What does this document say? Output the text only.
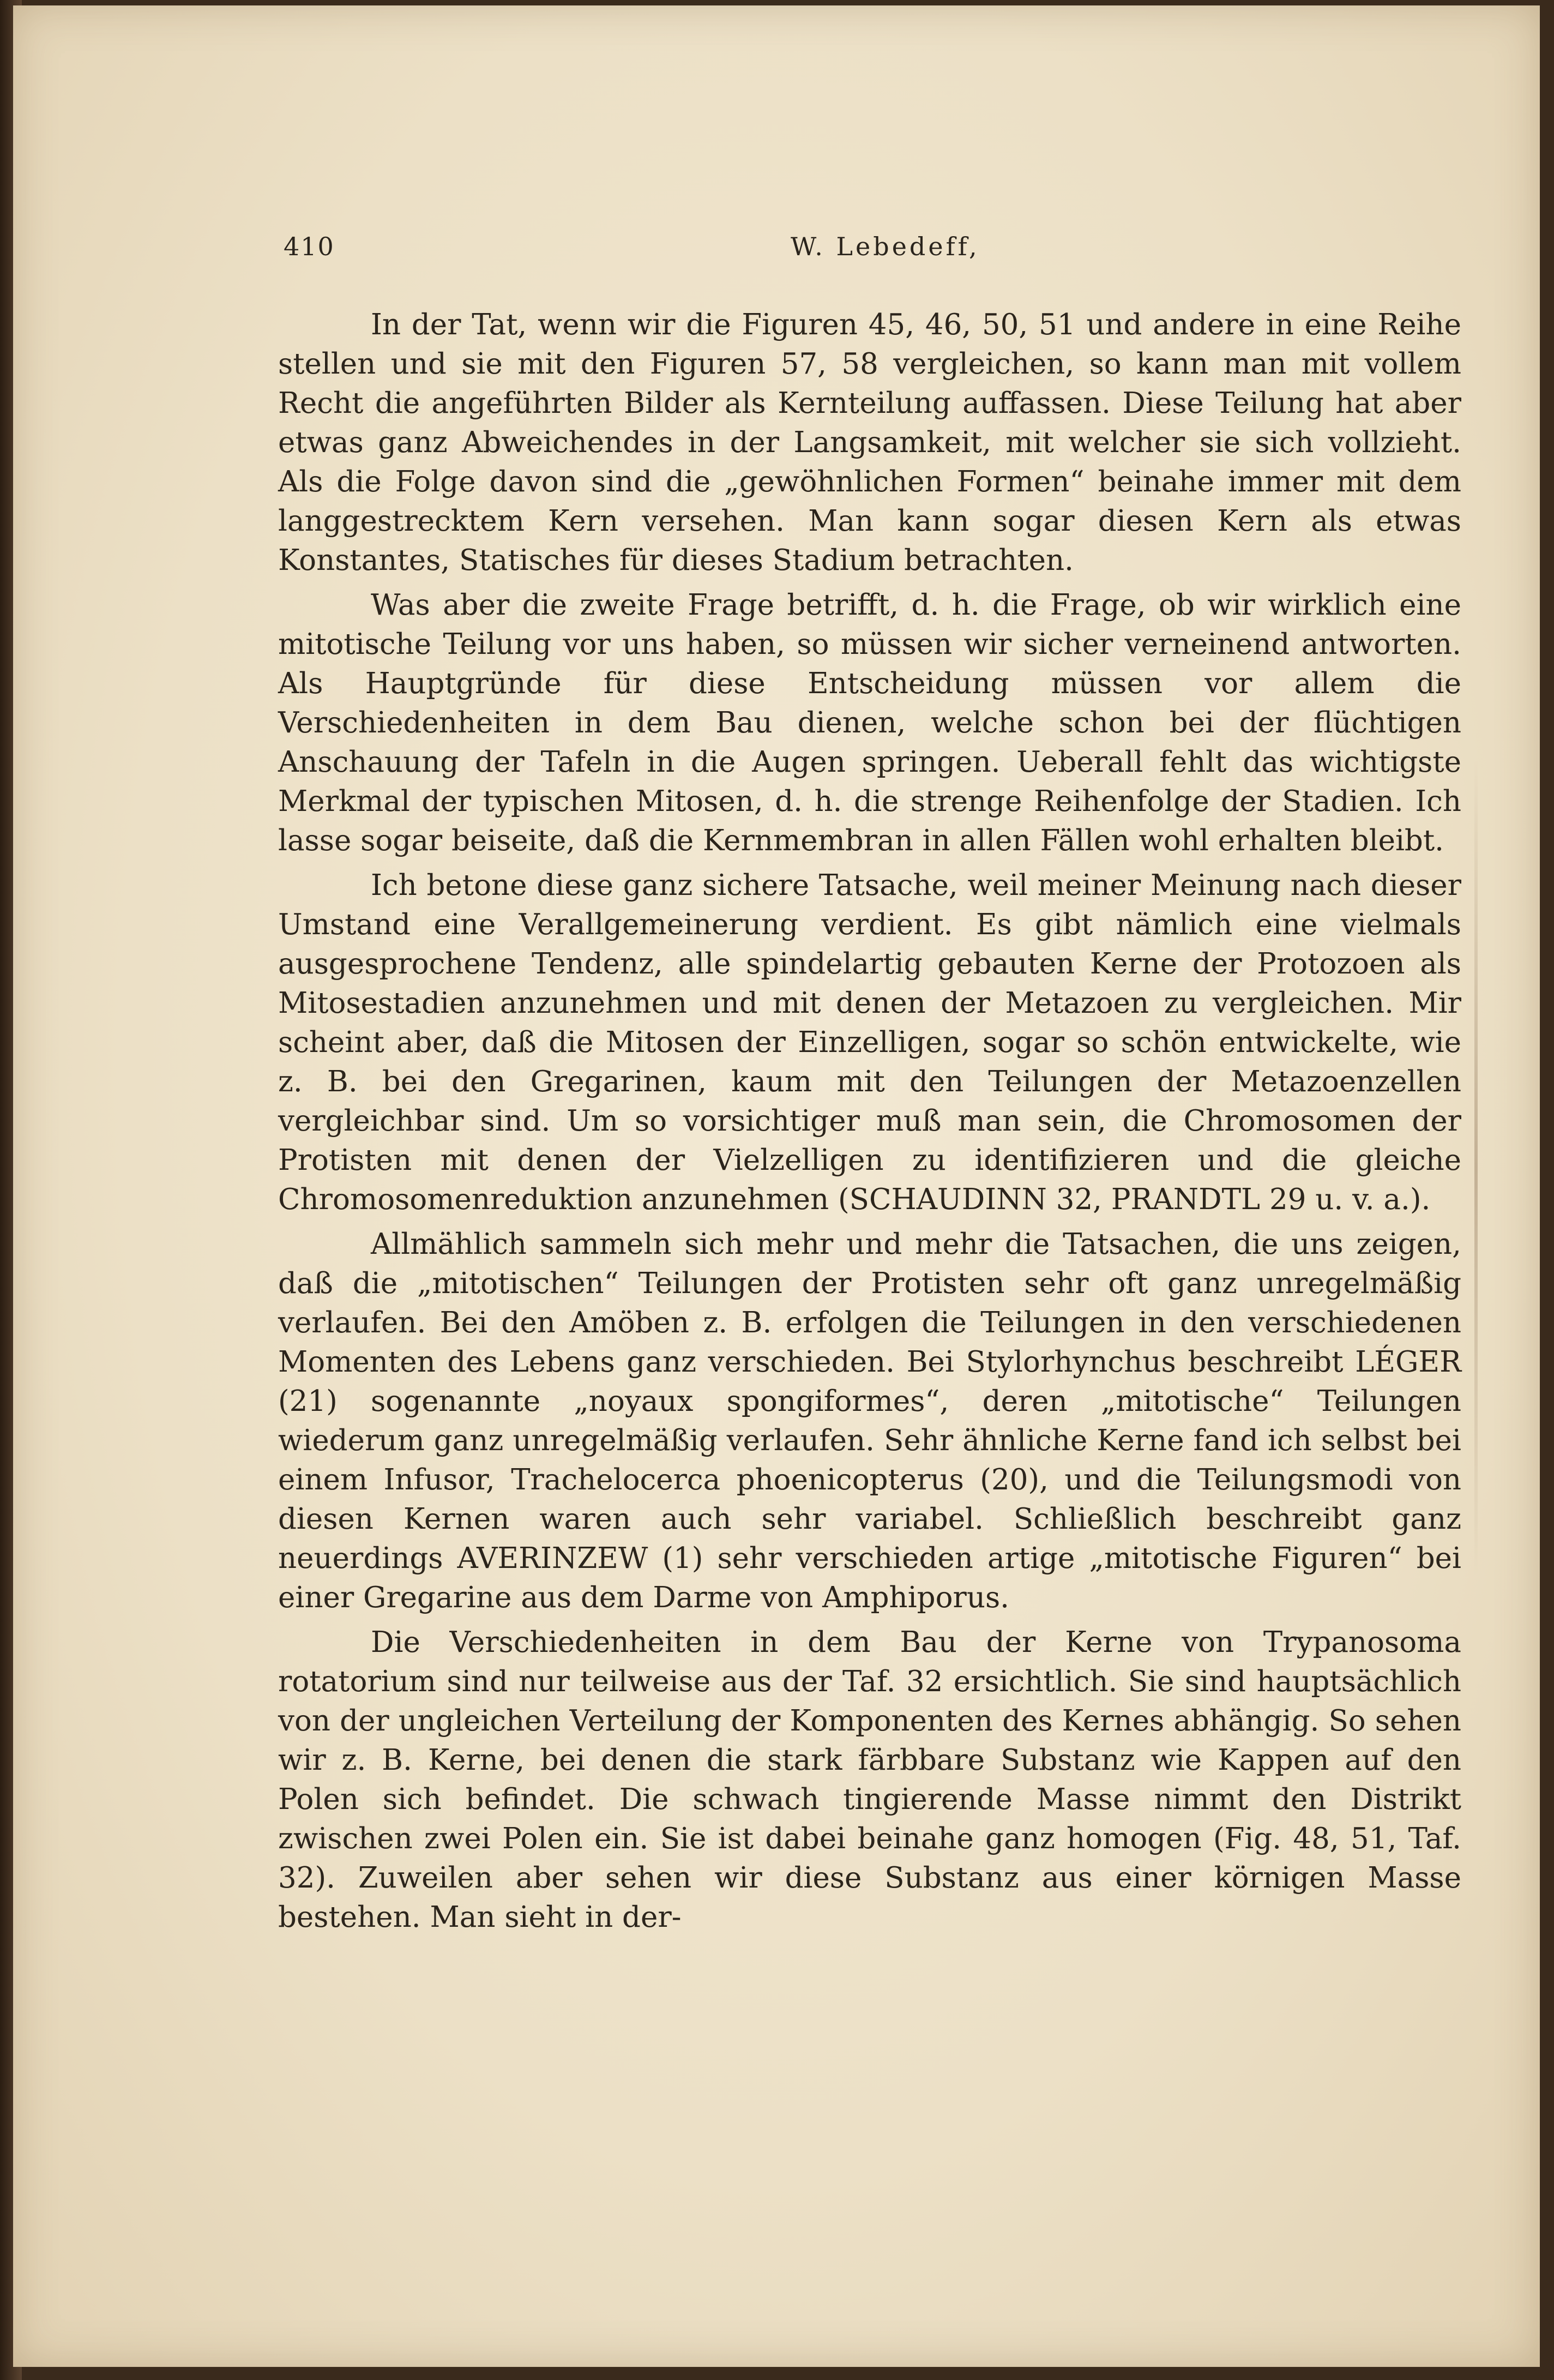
410	W. Lebedeff,

In der Tat, wenn wir die Figuren 45, 46, 50, 51 und andere in eine Reihe stellen und sie mit den Figuren 57, 58 vergleichen, so kann man mit vollem Recht die angeführten Bilder als Kernteilung auffassen. Diese Teilung hat aber etwas ganz Abweichendes in der Langsamkeit, mit welcher sie sich vollzieht. Als die Folge davon sind die „gewöhnlichen Formen“ beinahe immer mit dem langgestrecktem Kern versehen. Man kann sogar diesen Kern als etwas Konstantes, Statisches für dieses Stadium betrachten.

Was aber die zweite Frage betrifft, d. h. die Frage, ob wir wirklich eine mitotische Teilung vor uns haben, so müssen wir sicher verneinend antworten. Als Hauptgründe für diese Entscheidung müssen vor allem die Verschiedenheiten in dem Bau dienen, welche schon bei der flüchtigen Anschauung der Tafeln in die Augen springen. Ueberall fehlt das wichtigste Merkmal der typischen Mitosen, d. h. die strenge Reihenfolge der Stadien. Ich lasse sogar beiseite, daß die Kernmembran in allen Fällen wohl erhalten bleibt.

Ich betone diese ganz sichere Tatsache, weil meiner Meinung nach dieser Umstand eine Verallgemeinerung verdient. Es gibt nämlich eine vielmals ausgesprochene Tendenz, alle spindelartig gebauten Kerne der Protozoen als Mitosestadien anzunehmen und mit denen der Metazoen zu vergleichen. Mir scheint aber, daß die Mitosen der Einzelligen, sogar so schön entwickelte, wie z. B. bei den Gregarinen, kaum mit den Teilungen der Metazoenzellen vergleichbar sind. Um so vorsichtiger muß man sein, die Chromosomen der Protisten mit denen der Vielzelligen zu identifizieren und die gleiche Chromosomenreduktion anzunehmen (SCHAUDINN 32, PRANDTL 29 u. v. a.).

Allmählich sammeln sich mehr und mehr die Tatsachen, die uns zeigen, daß die „mitotischen“ Teilungen der Protisten sehr oft ganz unregelmäßig verlaufen. Bei den Amöben z. B. erfolgen die Teilungen in den verschiedenen Momenten des Lebens ganz verschieden. Bei Stylorhynchus beschreibt LÉGER (21) sogenannte „noyaux spongiformes“, deren „mitotische“ Teilungen wiederum ganz unregelmäßig verlaufen. Sehr ähnliche Kerne fand ich selbst bei einem Infusor, Trachelocerca phoenicopterus (20), und die Teilungsmodi von diesen Kernen waren auch sehr variabel. Schließlich beschreibt ganz neuerdings AVERINZEW (1) sehr verschieden artige „mitotische Figuren“ bei einer Gregarine aus dem Darme von Amphiporus.

Die Verschiedenheiten in dem Bau der Kerne von Trypanosoma rotatorium sind nur teilweise aus der Taf. 32 ersichtlich. Sie sind hauptsächlich von der ungleichen Verteilung der Komponenten des Kernes abhängig. So sehen wir z. B. Kerne, bei denen die stark färbbare Substanz wie Kappen auf den Polen sich befindet. Die schwach tingierende Masse nimmt den Distrikt zwischen zwei Polen ein. Sie ist dabei beinahe ganz homogen (Fig. 48, 51, Taf. 32). Zuweilen aber sehen wir diese Substanz aus einer körnigen Masse bestehen. Man sieht in der-
